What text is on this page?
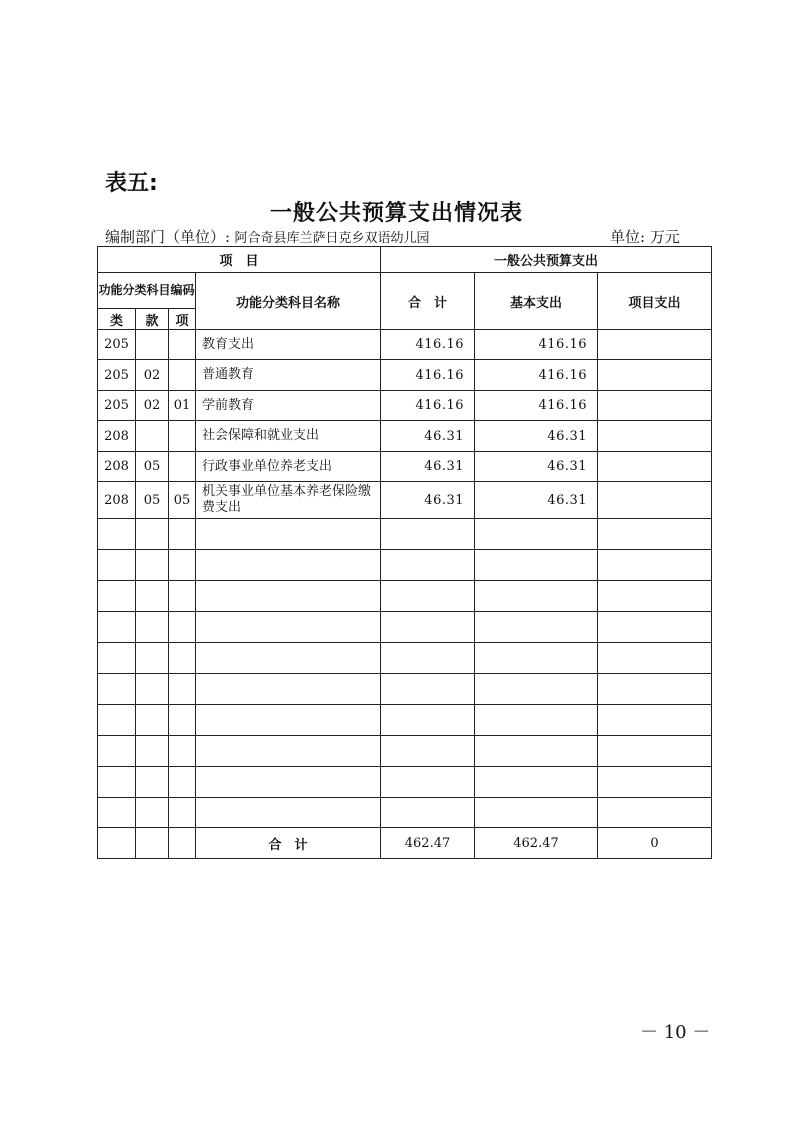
表五:
一般公共预算支出情况表
编制部门（单位）: 阿合奇县库兰萨日克乡双语幼儿园	单位: 万元
项　目				一般公共预算支出		
功能分类科目编码			功能分类科目名称	合　计	基本支出	项目支出
类	款	项				
205			教育支出	416.16	416.16	
205	02		普通教育	416.16	416.16	
205	02	01	学前教育	416.16	416.16	
208			社会保障和就业支出	46.31	46.31	
208	05		行政事业单位养老支出	46.31	46.31	
208	05	05	机关事业单位基本养老保险缴费支出	46.31	46.31	

			合　计	462.47	462.47	0
－ 10 －
